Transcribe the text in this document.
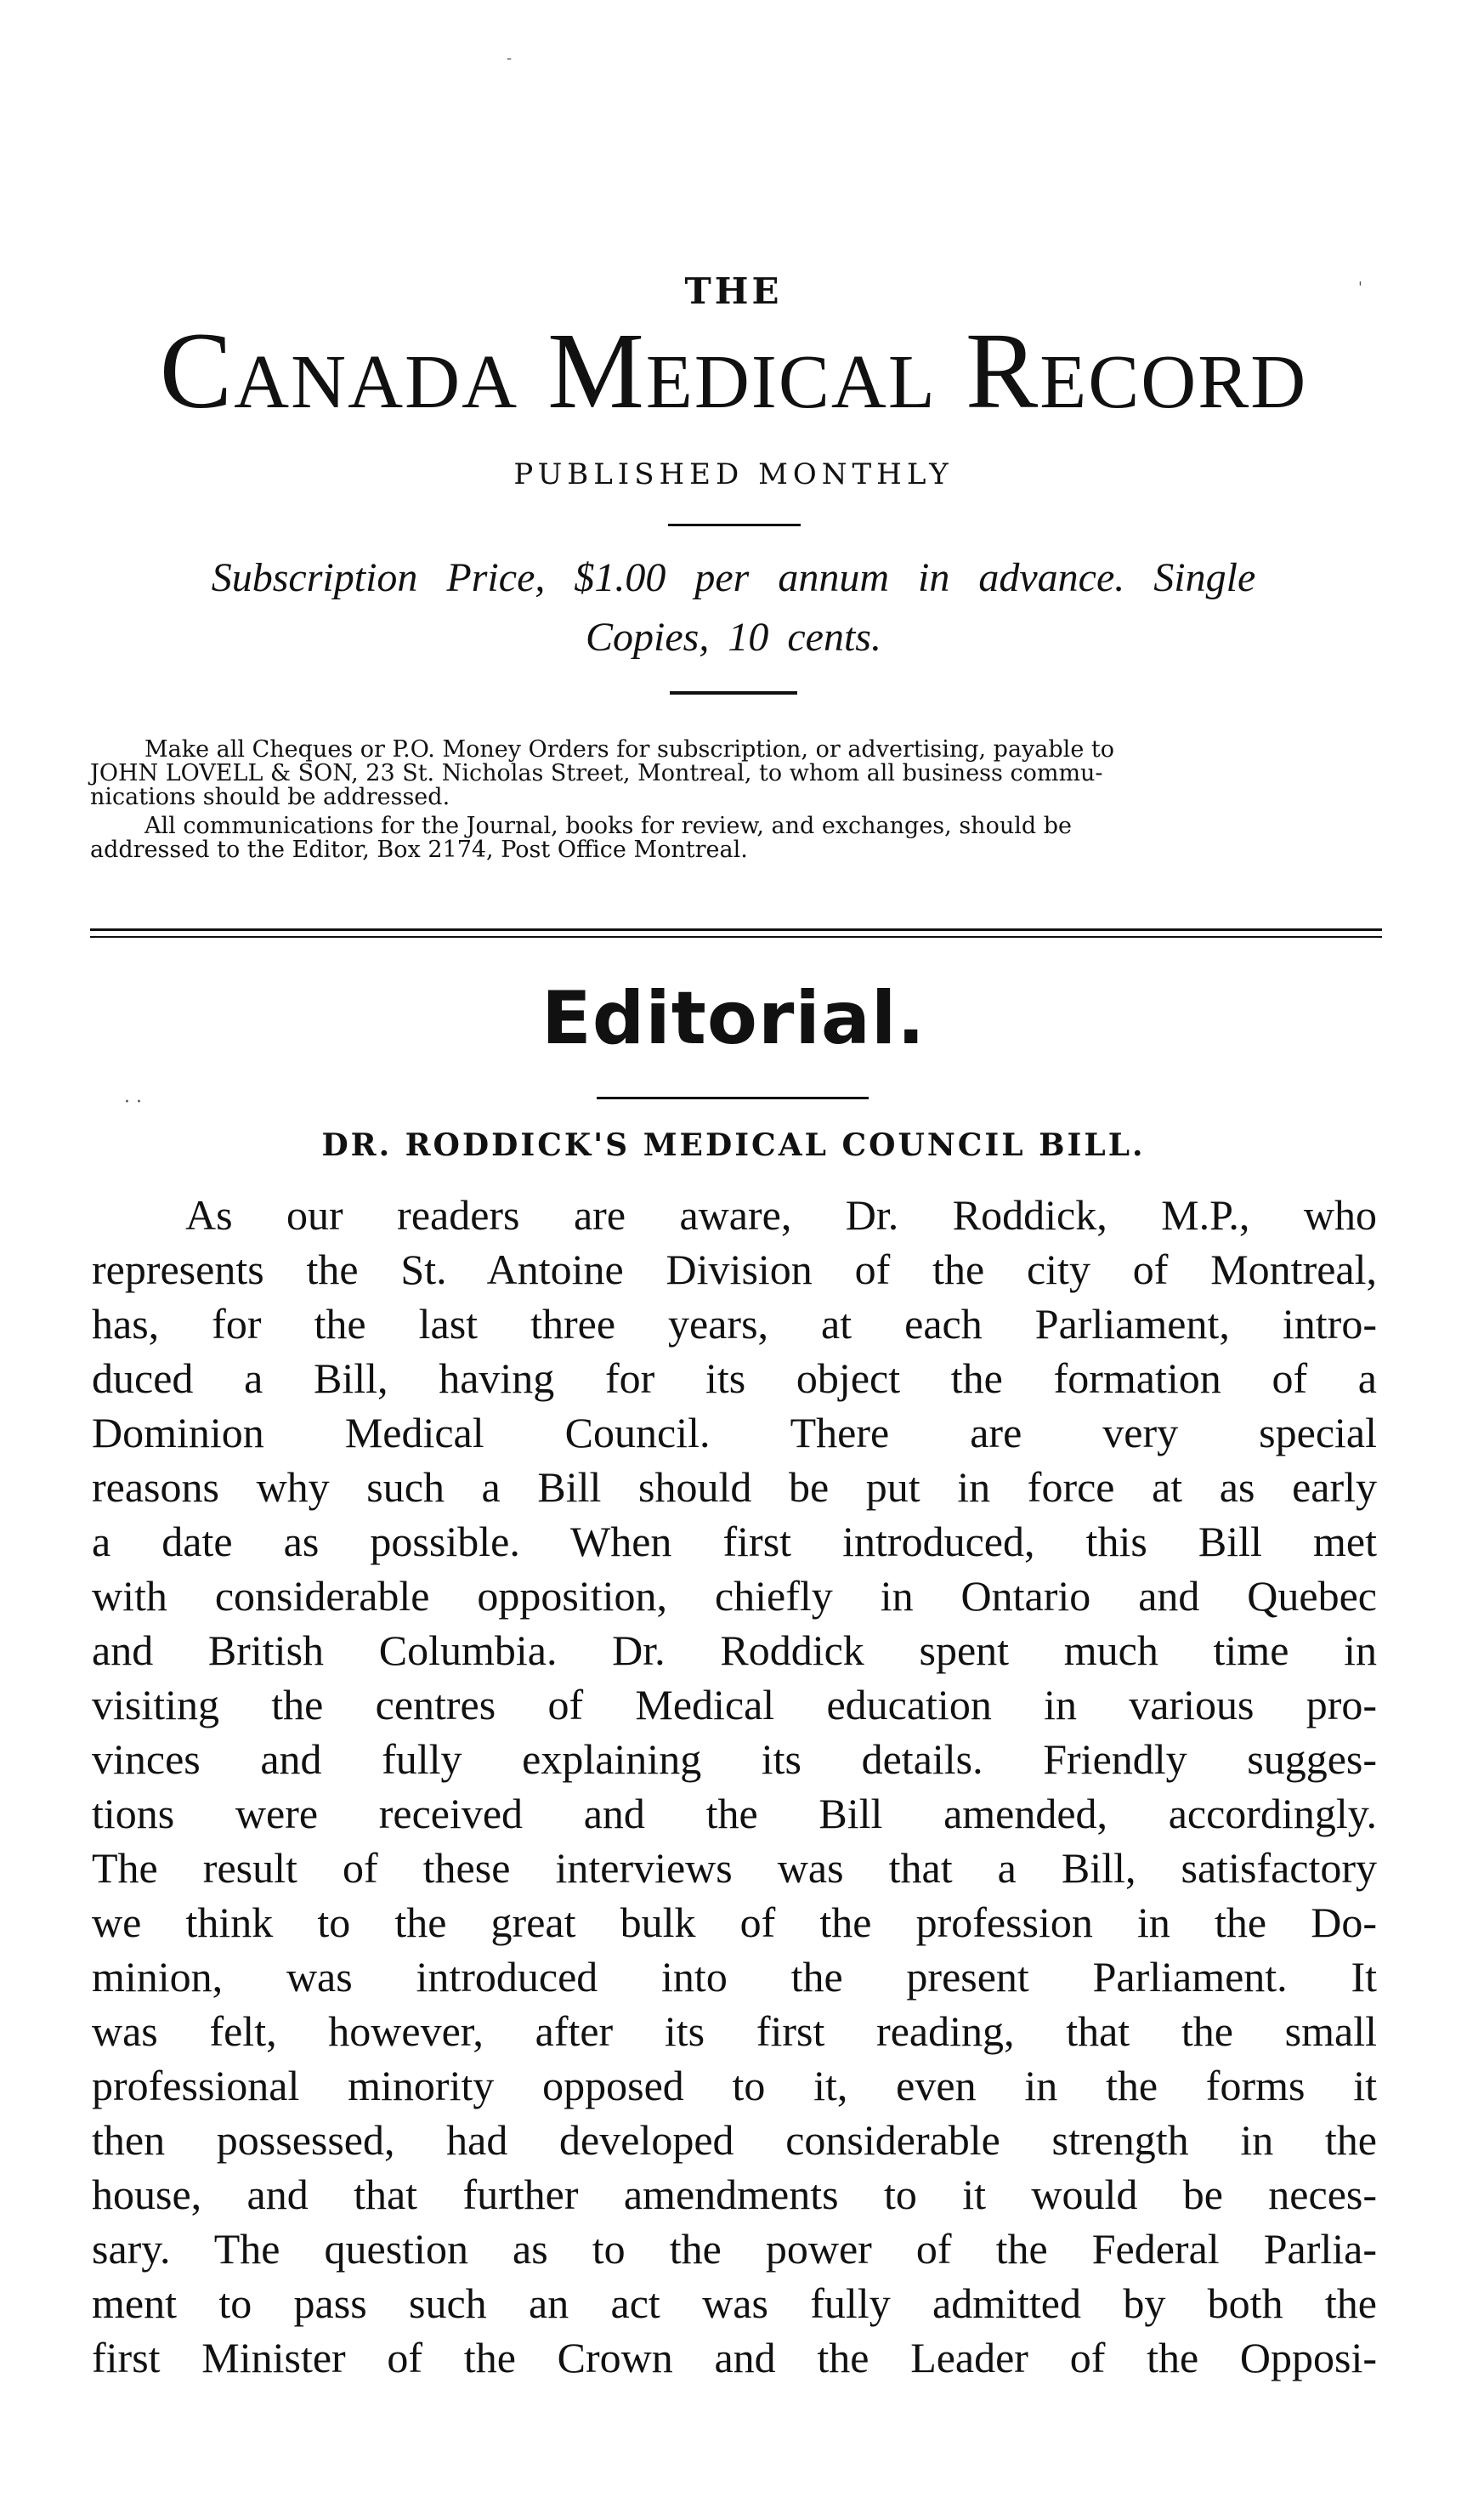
-
'
THE
Canada Medical Record
PUBLISHED MONTHLY
Subscription Price, $1.00 per annum in advance. Single
Copies, 10 cents.
Make all Cheques or P.O. Money Orders for subscription, or advertising, payable to
JOHN LOVELL & SON, 23 St. Nicholas Street, Montreal, to whom all business commu-
nications should be addressed.
All communications for the Journal, books for review, and exchanges, should be
addressed to the Editor, Box 2174, Post Office Montreal.
Editorial.
· ·
DR. RODDICK'S MEDICAL COUNCIL BILL.
As our readers are aware, Dr. Roddick, M.P., who
represents the St. Antoine Division of the city of Montreal,
has, for the last three years, at each Parliament, intro-
duced a Bill, having for its object the formation of a
Dominion Medical Council. There are very special
reasons why such a Bill should be put in force at as early
a date as possible. When first introduced, this Bill met
with considerable opposition, chiefly in Ontario and Quebec
and British Columbia. Dr. Roddick spent much time in
visiting the centres of Medical education in various pro-
vinces and fully explaining its details. Friendly sugges-
tions were received and the Bill amended, accordingly.
The result of these interviews was that a Bill, satisfactory
we think to the great bulk of the profession in the Do-
minion, was introduced into the present Parliament. It
was felt, however, after its first reading, that the small
professional minority opposed to it, even in the forms it
then possessed, had developed considerable strength in the
house, and that further amendments to it would be neces-
sary. The question as to the power of the Federal Parlia-
ment to pass such an act was fully admitted by both the
first Minister of the Crown and the Leader of the Opposi-
